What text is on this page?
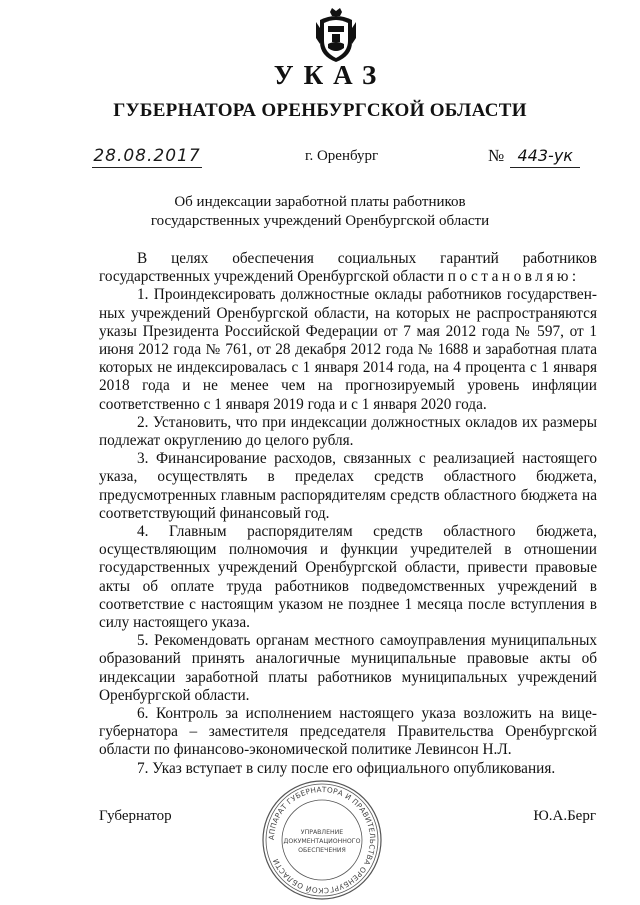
УКАЗ
ГУБЕРНАТОРА ОРЕНБУРГСКОЙ ОБЛАСТИ
28.08.2017	г. Оренбург	№ 443-ук
Об индексации заработной платы работников
государственных учреждений Оренбургской области

В целях обеспечения социальных гарантий работников государственных учреждений Оренбургской области постановляю:

1. Проиндексировать должностные оклады работников государственных учреждений Оренбургской области, на которых не распространяются указы Президента Российской Федерации от 7 мая 2012 года № 597, от 1 июня 2012 года № 761, от 28 декабря 2012 года № 1688 и заработная плата которых не индексировалась с 1 января 2014 года, на 4 процента с 1 января 2018 года и не менее чем на прогнозируемый уровень инфляции соответственно с 1 января 2019 года и с 1 января 2020 года.

2. Установить, что при индексации должностных окладов их размеры подлежат округлению до целого рубля.

3. Финансирование расходов, связанных с реализацией настоящего указа, осуществлять в пределах средств областного бюджета, предусмотренных главным распорядителям средств областного бюджета на соответствующий финансовый год.

4. Главным распорядителям средств областного бюджета, осуществляющим полномочия и функции учредителей в отношении государственных учреждений Оренбургской области, привести правовые акты об оплате труда работников подведомственных учреждений в соответствие с настоящим указом не позднее 1 месяца после вступления в силу настоящего указа.

5. Рекомендовать органам местного самоуправления муниципальных образований принять аналогичные муниципальные правовые акты об индексации заработной платы работников муниципальных учреждений Оренбургской области.

6. Контроль за исполнением настоящего указа возложить на вице-губернатора – заместителя председателя Правительства Оренбургской области по финансово-экономической политике Левинсон Н.Л.

7. Указ вступает в силу после его официального опубликования.

Губернатор	Ю.А.Берг
АППАРАТ ГУБЕРНАТОРА И ПРАВИТЕЛЬСТВА ОРЕНБУРГСКОЙ ОБЛАСТИ
УПРАВЛЕНИЕ
ДОКУМЕНТАЦИОННОГО
ОБЕСПЕЧЕНИЯ
